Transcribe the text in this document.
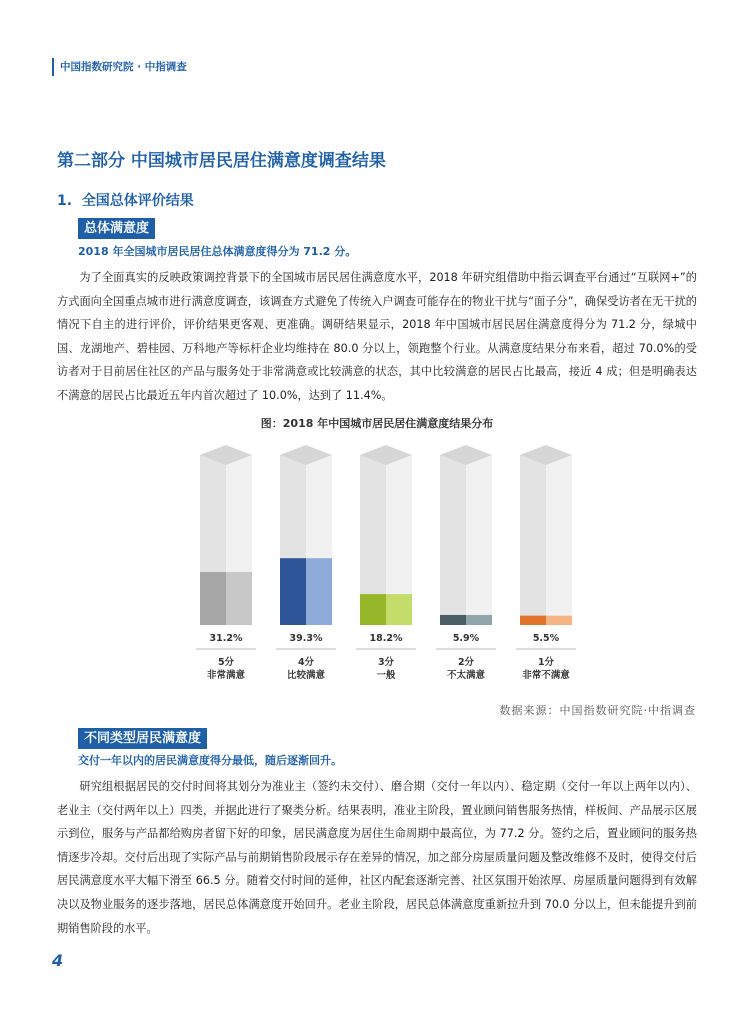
中国指数研究院 · 中指调查
第二部分 中国城市居民居住满意度调查结果
1. 全国总体评价结果
总体满意度
2018 年全国城市居民居住总体满意度得分为 71.2 分。
为了全面真实的反映政策调控背景下的全国城市居民居住满意度水平，2018 年研究组借助中指云调查平台通过“互联网+”的方式面向全国重点城市进行满意度调查，该调查方式避免了传统入户调查可能存在的物业干扰与“面子分”，确保受访者在无干扰的情况下自主的进行评价，评价结果更客观、更准确。调研结果显示，2018 年中国城市居民居住满意度得分为 71.2 分，绿城中国、龙湖地产、碧桂园、万科地产等标杆企业均维持在 80.0 分以上，领跑整个行业。从满意度结果分布来看，超过 70.0%的受访者对于目前居住社区的产品与服务处于非常满意或比较满意的状态，其中比较满意的居民占比最高，接近 4 成；但是明确表达不满意的居民占比最近五年内首次超过了 10.0%，达到了 11.4%。
图：2018 年中国城市居民居住满意度结果分布
31.2%
5分
非常满意
39.3%
4分
比较满意
18.2%
3分
一般
5.9%
2分
不太满意
5.5%
1分
非常不满意
数据来源：中国指数研究院·中指调查
不同类型居民满意度
交付一年以内的居民满意度得分最低，随后逐渐回升。
研究组根据居民的交付时间将其划分为准业主（签约未交付）、磨合期（交付一年以内）、稳定期（交付一年以上两年以内）、老业主（交付两年以上）四类，并据此进行了聚类分析。结果表明，准业主阶段，置业顾问销售服务热情，样板间、产品展示区展示到位，服务与产品都给购房者留下好的印象，居民满意度为居住生命周期中最高位，为 77.2 分。签约之后，置业顾问的服务热情逐步冷却。交付后出现了实际产品与前期销售阶段展示存在差异的情况，加之部分房屋质量问题及整改维修不及时，使得交付后居民满意度水平大幅下滑至 66.5 分。随着交付时间的延伸，社区内配套逐渐完善、社区氛围开始浓厚、房屋质量问题得到有效解决以及物业服务的逐步落地，居民总体满意度开始回升。老业主阶段，居民总体满意度重新拉升到 70.0 分以上，但未能提升到前期销售阶段的水平。
4
